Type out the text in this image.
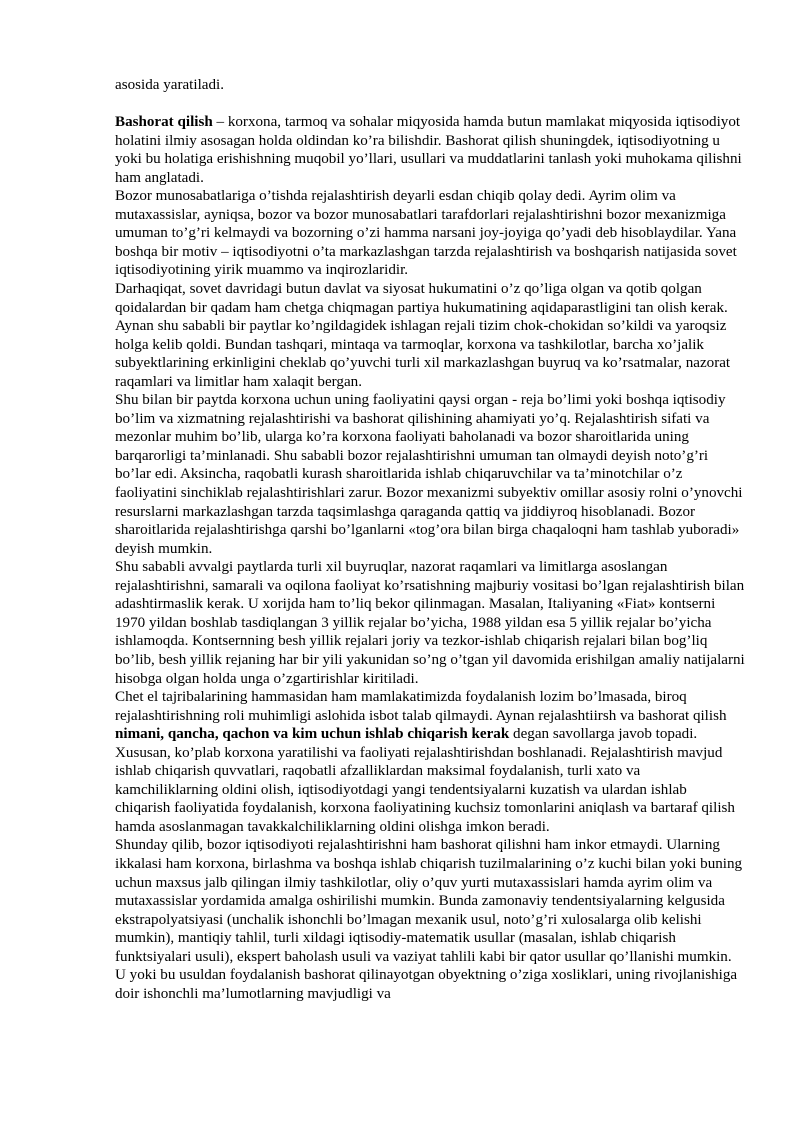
asosida yaratiladi.

Bashorat qilish – korxona, tarmoq va sohalar miqyosida hamda butun mamlakat miqyosida iqtisodiyot holatini ilmiy asosagan holda oldindan ko’ra bilishdir. Bashorat qilish shuningdek, iqtisodiyotning u yoki bu holatiga erishishning muqobil yo’llari, usullari va muddatlarini tanlash yoki muhokama qilishni ham anglatadi.

Bozor munosabatlariga o’tishda rejalashtirish deyarli esdan chiqib qolay dedi. Ayrim olim va mutaxassislar, ayniqsa, bozor va bozor munosabatlari tarafdorlari rejalashtirishni bozor mexanizmiga umuman to’g’ri kelmaydi va bozorning o’zi hamma narsani joy-joyiga qo’yadi deb hisoblaydilar. Yana boshqa bir motiv – iqtisodiyotni o’ta markazlashgan tarzda rejalashtirish va boshqarish natijasida sovet iqtisodiyotining yirik muammo va inqirozlaridir.

Darhaqiqat, sovet davridagi butun davlat va siyosat hukumatini o’z qo’liga olgan va qotib qolgan qoidalardan bir qadam ham chetga chiqmagan partiya hukumatining aqidaparastligini tan olish kerak. Aynan shu sababli bir paytlar ko’ngildagidek ishlagan rejali tizim chok-chokidan so’kildi va yaroqsiz holga kelib qoldi. Bundan tashqari, mintaqa va tarmoqlar, korxona va tashkilotlar, barcha xo’jalik subyektlarining erkinligini cheklab qo’yuvchi turli xil markazlashgan buyruq va ko’rsatmalar, nazorat raqamlari va limitlar ham xalaqit bergan.

Shu bilan bir paytda korxona uchun uning faoliyatini qaysi organ - reja bo’limi yoki boshqa iqtisodiy bo’lim va xizmatning rejalashtirishi va bashorat qilishining ahamiyati yo’q. Rejalashtirish sifati va mezonlar muhim bo’lib, ularga ko’ra korxona faoliyati baholanadi va bozor sharoitlarida uning barqarorligi ta’minlanadi. Shu sababli bozor rejalashtirishni umuman tan olmaydi deyish noto’g’ri bo’lar edi. Aksincha, raqobatli kurash sharoitlarida ishlab chiqaruvchilar va ta’minotchilar o’z faoliyatini sinchiklab rejalashtirishlari zarur. Bozor mexanizmi subyektiv omillar asosiy rolni o’ynovchi resurslarni markazlashgan tarzda taqsimlashga qaraganda qattiq va jiddiyroq hisoblanadi. Bozor sharoitlarida rejalashtirishga qarshi bo’lganlarni «tog’ora bilan birga chaqaloqni ham tashlab yuboradi» deyish mumkin.

Shu sababli avvalgi paytlarda turli xil buyruqlar, nazorat raqamlari va limitlarga asoslangan rejalashtirishni, samarali va oqilona faoliyat ko’rsatishning majburiy vositasi bo’lgan rejalashtirish bilan adashtirmaslik kerak. U xorijda ham to’liq bekor qilinmagan. Masalan, Italiyaning «Fiat» kontserni 1970 yildan boshlab tasdiqlangan 3 yillik rejalar bo’yicha, 1988 yildan esa 5 yillik rejalar bo’yicha ishlamoqda. Kontsernning besh yillik rejalari joriy va tezkor-ishlab chiqarish rejalari bilan bog’liq bo’lib, besh yillik rejaning har bir yili yakunidan so’ng o’tgan yil davomida erishilgan amaliy natijalarni hisobga olgan holda unga o’zgartirishlar kiritiladi.

Chet el tajribalarining hammasidan ham mamlakatimizda foydalanish lozim bo’lmasada, biroq rejalashtirishning roli muhimligi aslohida isbot talab qilmaydi. Aynan rejalashtiirsh va bashorat qilish nimani, qancha, qachon va kim uchun ishlab chiqarish kerak degan savollarga javob topadi. Xususan, ko’plab korxona yaratilishi va faoliyati rejalashtirishdan boshlanadi. Rejalashtirish mavjud ishlab chiqarish quvvatlari, raqobatli afzalliklardan maksimal foydalanish, turli xato va kamchiliklarning oldini olish, iqtisodiyotdagi yangi tendentsiyalarni kuzatish va ulardan ishlab chiqarish faoliyatida foydalanish, korxona faoliyatining kuchsiz tomonlarini aniqlash va bartaraf qilish hamda asoslanmagan tavakkalchiliklarning oldini olishga imkon beradi.

Shunday qilib, bozor iqtisodiyoti rejalashtirishni ham bashorat qilishni ham inkor etmaydi. Ularning ikkalasi ham korxona, birlashma va boshqa ishlab chiqarish tuzilmalarining o’z kuchi bilan yoki buning uchun maxsus jalb qilingan ilmiy tashkilotlar, oliy o’quv yurti mutaxassislari hamda ayrim olim va mutaxassislar yordamida amalga oshirilishi mumkin. Bunda zamonaviy tendentsiyalarning kelgusida ekstrapolyatsiyasi (unchalik ishonchli bo’lmagan mexanik usul, noto’g’ri xulosalarga olib kelishi mumkin), mantiqiy tahlil, turli xildagi iqtisodiy-matematik usullar (masalan, ishlab chiqarish funktsiyalari usuli), ekspert baholash usuli va vaziyat tahlili kabi bir qator usullar qo’llanishi mumkin. U yoki bu usuldan foydalanish bashorat qilinayotgan obyektning o’ziga xosliklari, uning rivojlanishiga doir ishonchli ma’lumotlarning mavjudligi va
